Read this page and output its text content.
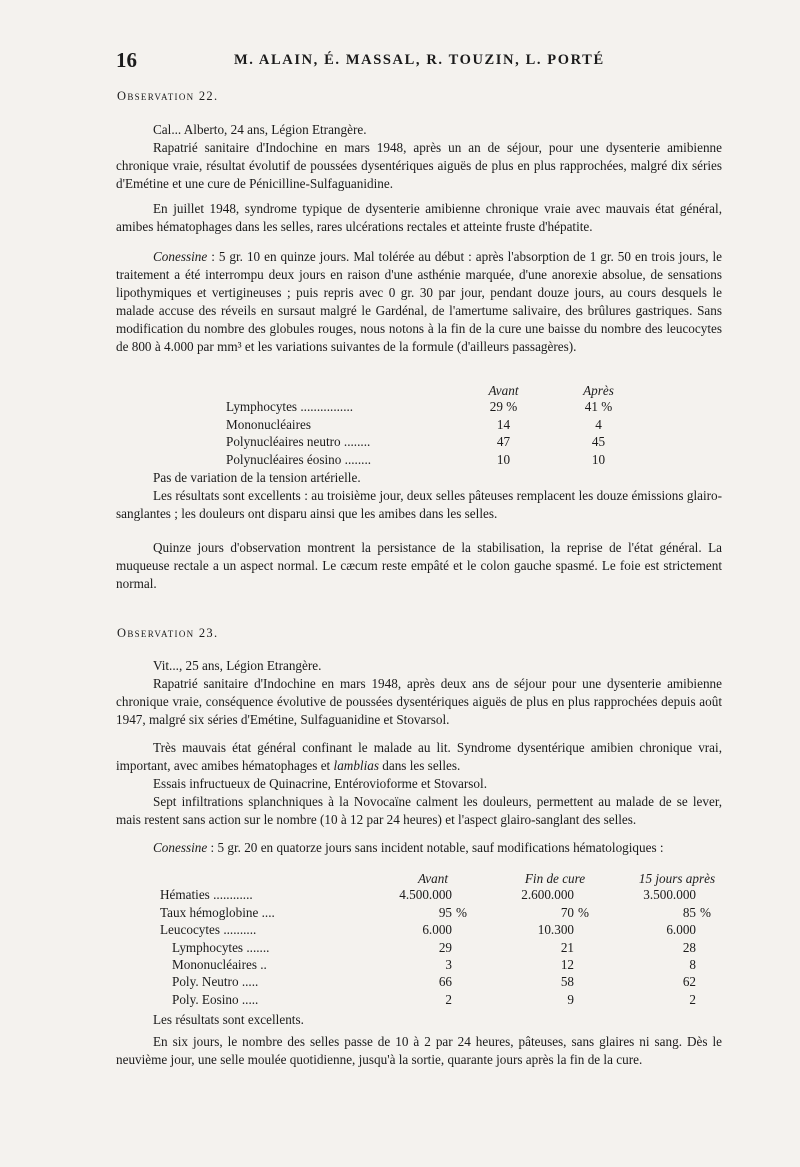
16	M. ALAIN, É. MASSAL, R. TOUZIN, L. PORTÉ
Observation 22.

Cal... Alberto, 24 ans, Légion Etrangère.

Rapatrié sanitaire d'Indochine en mars 1948, après un an de séjour, pour une dysenterie amibienne chronique vraie, résultat évolutif de poussées dysentériques aiguës de plus en plus rapprochées, malgré dix séries d'Emétine et une cure de Pénicilline-Sulfaguanidine.

En juillet 1948, syndrome typique de dysenterie amibienne chronique vraie avec mauvais état général, amibes hématophages dans les selles, rares ulcérations rectales et atteinte fruste d'hépatite.

Conessine : 5 gr. 10 en quinze jours. Mal tolérée au début : après l'absorption de 1 gr. 50 en trois jours, le traitement a été interrompu deux jours en raison d'une asthénie marquée, d'une anorexie absolue, de sensations lipothymiques et vertigineuses ; puis repris avec 0 gr. 30 par jour, pendant douze jours, au cours desquels le malade accuse des réveils en sursaut malgré le Gardénal, de l'amertume salivaire, des brûlures gastriques. Sans modification du nombre des globules rouges, nous notons à la fin de la cure une baisse du nombre des leucocytes de 800 à 4.000 par mm³ et les variations suivantes de la formule (d'ailleurs passagères).

	Avant	Après
Lymphocytes ................	29 %	41 %
Mononucléaires	14	4
Polynucléaires neutro ........	47	45
Polynucléaires éosino ........	10	10

Pas de variation de la tension artérielle.

Les résultats sont excellents : au troisième jour, deux selles pâteuses remplacent les douze émissions glairo-sanglantes ; les douleurs ont disparu ainsi que les amibes dans les selles.

Quinze jours d'observation montrent la persistance de la stabilisation, la reprise de l'état général. La muqueuse rectale a un aspect normal. Le cæcum reste empâté et le colon gauche spasmé. Le foie est strictement normal.

Observation 23.

Vit..., 25 ans, Légion Etrangère.

Rapatrié sanitaire d'Indochine en mars 1948, après deux ans de séjour pour une dysenterie amibienne chronique vraie, conséquence évolutive de poussées dysentériques aiguës de plus en plus rapprochées depuis août 1947, malgré six séries d'Emétine, Sulfaguanidine et Stovarsol.

Très mauvais état général confinant le malade au lit. Syndrome dysentérique amibien chronique vrai, important, avec amibes hématophages et lamblias dans les selles.

Essais infructueux de Quinacrine, Entérovioforme et Stovarsol.

Sept infiltrations splanchniques à la Novocaïne calment les douleurs, permettent au malade de se lever, mais restent sans action sur le nombre (10 à 12 par 24 heures) et l'aspect glairo-sanglant des selles.

Conessine : 5 gr. 20 en quatorze jours sans incident notable, sauf modifications hématologiques :

	Avant		Fin de cure		15 jours après	
Hématies ............	4.500.000		2.600.000		3.500.000	
Taux hémoglobine ....	95	%	70	%	85	%
Leucocytes ..........	6.000		10.300		6.000	
Lymphocytes .......	29		21		28	
Mononucléaires ..	3		12		8	
Poly. Neutro .....	66		58		62	
Poly. Eosino .....	2		9		2	

Les résultats sont excellents.

En six jours, le nombre des selles passe de 10 à 2 par 24 heures, pâteuses, sans glaires ni sang. Dès le neuvième jour, une selle moulée quotidienne, jusqu'à la sortie, quarante jours après la fin de la cure.
